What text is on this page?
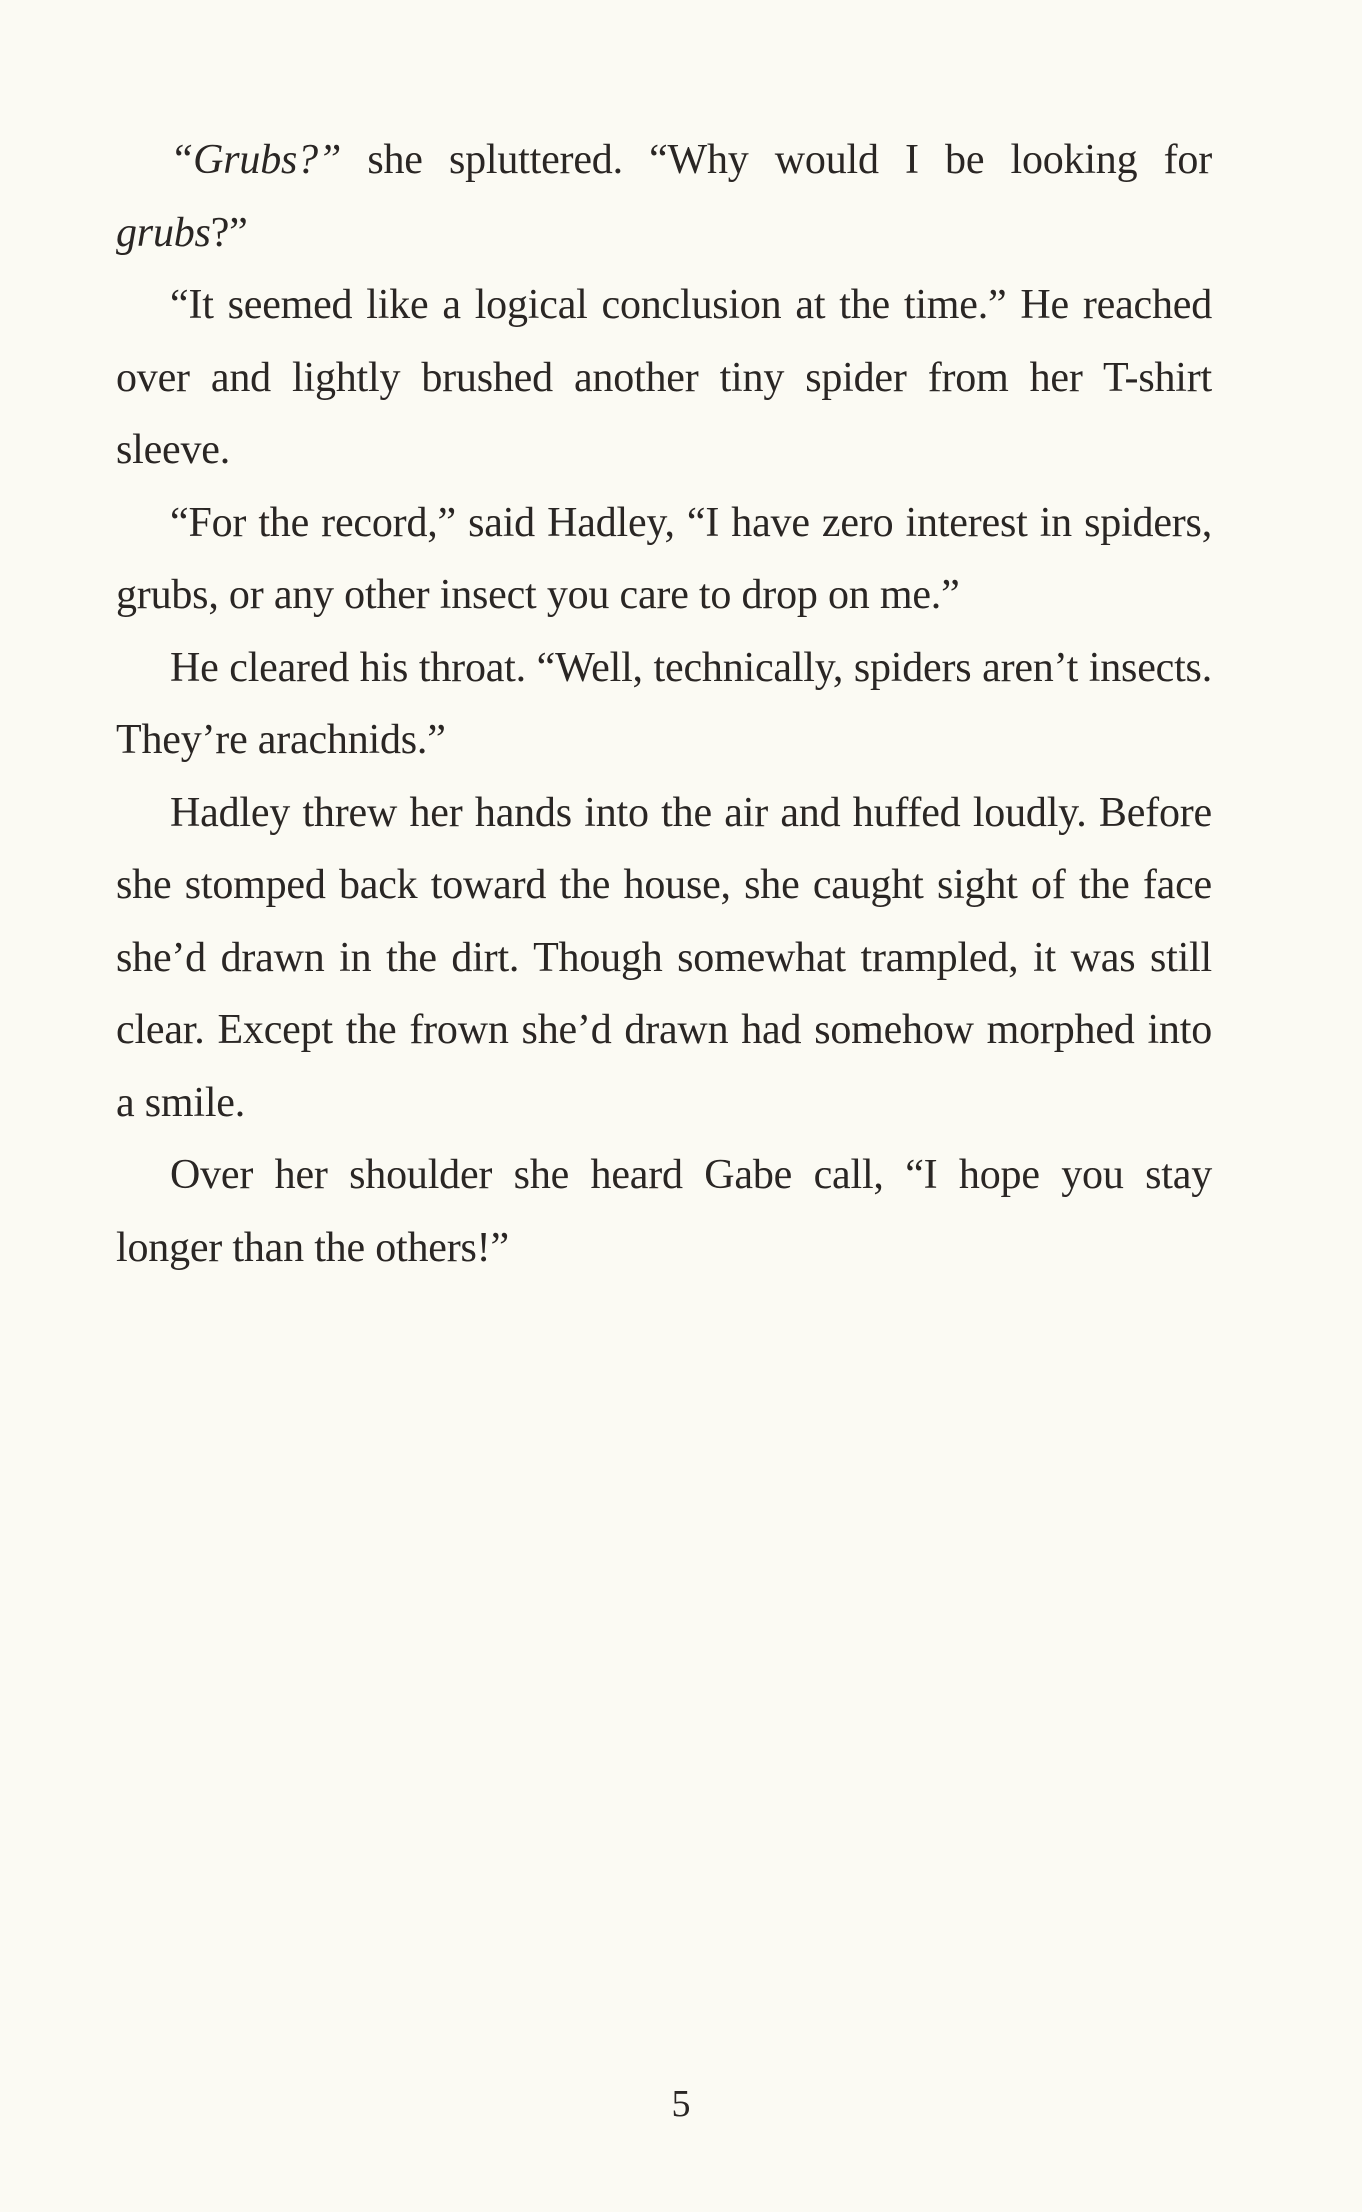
“Grubs?” she spluttered. “Why would I be looking for grubs?”

“It seemed like a logical conclusion at the time.” He reached over and lightly brushed another tiny spider from her T-shirt sleeve.

“For the record,” said Hadley, “I have zero interest in spiders, grubs, or any other insect you care to drop on me.”

He cleared his throat. “Well, technically, spiders aren’t insects. They’re arachnids.”

Hadley threw her hands into the air and huffed loudly. Before she stomped back toward the house, she caught sight of the face she’d drawn in the dirt. Though somewhat trampled, it was still clear. Except the frown she’d drawn had somehow morphed into a smile.

Over her shoulder she heard Gabe call, “I hope you stay longer than the others!”

5
